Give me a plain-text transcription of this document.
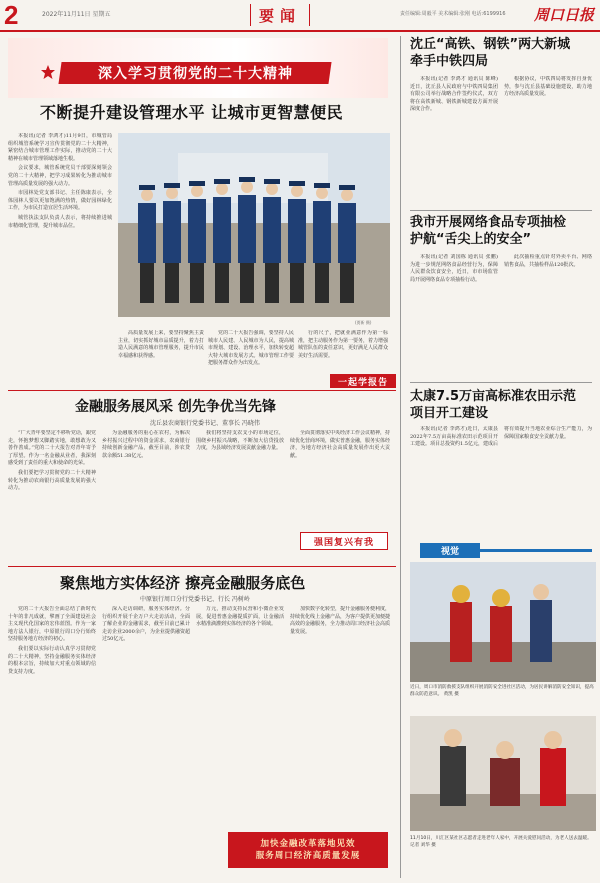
2	2022年11月11日 星期五	要闻	责任编辑:周毅平 美术编辑:张刚 电话:6199916 周口日报
深入学习贯彻党的二十大精神
不断提升建设管理水平 让城市更智慧便民

本报讯(记者 李鸿才)11月9日，市城管局组织城管系统学习宣传贯彻党的二十大精神，紧密结合城市管理工作实际，推动党的二十大精神在城市管理领域落地生根。

会议要求，城管系统党员干部要深刻领会党的二十大精神，把学习成果转化为推动城市管理高质量发展的强大动力。

市园林处党支部书记、主任陈康表示，全体园林人要以更加饱满的热情，做好园林绿化工作，为市民打造宜居生活环境。

城管执法支队负责人表示，将持续推进城市精细化管理，提升城市品位。

(贾新 摄)

高质量发展上来，要坚持聚焦主责主业，切实抓好城市品质提升，着力打造人民满意的城市管理服务，提升市民幸福感和获得感。

党的二十大报告强调，要坚持人民城市人民建、人民城市为人民，提高城市规划、建设、治理水平，加快转变超大特大城市发展方式。城市管理工作要把服务群众作为出发点。

行的尺子，把就业满意作为第一标准，把主动服务作为第一要务，着力增强城管队伍的责任意识，更好满足人民群众美好生活需要。

一起学报告
金融服务展风采 创先争优当先锋
沈丘县农商银行党委书记、董事长 冯晓伟

“广大青年要坚定不移听党话，跟党走，怀抱梦想又脚踏实地，敢想敢为又善作善成。”党的二十大报告对青年寄予了厚望。作为一名金融从业者，我深刻感受到了责任的重大和使命的光荣。

我们要把学习贯彻党的二十大精神转化为推动农商银行高质量发展的强大动力。

为金融服务的重心在农村，为解决乡村振兴过程中的资金需求，农商银行持续创新金融产品，截至目前，涉农贷款余额51.38亿元。

我们将坚持支农支小的市场定位，围绕乡村振兴战略，不断加大信贷投放力度，为县域经济发展贡献金融力量。

全面贯彻落实中央经济工作会议精神，持续优化营商环境，做实普惠金融，服务实体经济，为地方经济社会高质量发展作出更大贡献。

强国复兴有我
聚焦地方实体经济 擦亮金融服务底色
中原银行周口分行党委书记、行长 冯树岭

党的二十大报告全面总结了新时代十年的非凡成就，擘画了全面建设社会主义现代化国家的宏伟蓝图。作为一家地方法人银行，中原银行周口分行始终坚持服务地方经济的初心。

我们要以实际行动认真学习贯彻党的二十大精神，坚持金融服务实体经济的根本宗旨，持续加大对重点领域的信贷支持力度。

深入走访调研，服务实体经济。分行组织开展千企万户大走访活动，全面了解企业的金融需求，截至目前已累计走访企业2000余户，为企业提供融资超过50亿元。

万元，推动支持民营和小微企业发展，促进普惠金融提质扩面，让金融活水精准滴灌到实体经济的各个领域。

加快数字化转型，提升金融服务便利度，持续优化线上金融产品，为客户提供更加便捷高效的金融服务，全力推动周口经济社会高质量发展。

加快金融改革落地见效
服务周口经济高质量发展
沈丘“高铁、钢铁”两大新城
牵手中铁四局

本报讯(记者 李鸿才 通讯员 陈峰)近日，沈丘县人民政府与中铁四局集团有限公司举行战略合作签约仪式，双方将在高铁新城、钢铁新城建设方面开展深度合作。

根据协议，中铁四局将发挥自身优势，参与沈丘县基础设施建设，助力地方经济高质量发展。

我市开展网络食品专项抽检
护航“舌尖上的安全”

本报讯(记者 刘国栋 通讯员 张鹏)为进一步规范网络食品经营行为，保障人民群众饮食安全，近日，市市场监管局开展网络食品专项抽检行动。

此次抽检重点针对外卖平台、网络销售食品，共抽检样品120批次。

太康7.5万亩高标准农田示范
项目开工建设

本报讯(记者 李鸿才)近日，太康县2022年7.5万亩高标准农田示范项目开工建设。项目总投资约1.5亿元，建成后将有效提升当地农业综合生产能力，为保障国家粮食安全贡献力量。

视觉
近日，周口市消防救援支队组织开展消防安全进社区活动，为居民讲解消防安全知识，提高群众防范意识。 黄凯 摄
11月10日，川汇区某社区志愿者走进老年人家中，开展关爱慰问活动，为老人送去温暖。 记者 刘华 摄
